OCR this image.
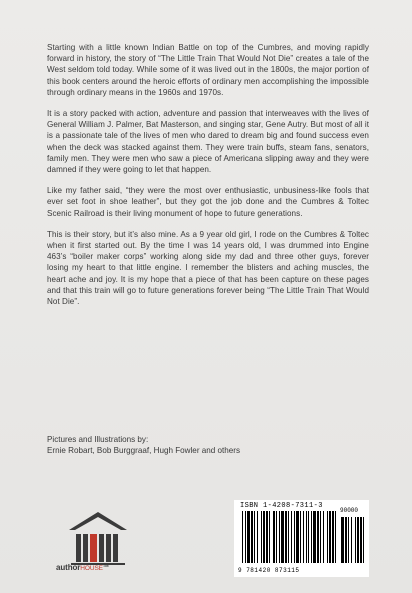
Starting with a little known Indian Battle on top of the Cumbres, and moving rapidly forward in history, the story of “The Little Train That Would Not Die” creates a tale of the West seldom told today. While some of it was lived out in the 1800s, the major portion of this book centers around the heroic efforts of ordinary men accomplishing the impossible through ordinary means in the 1960s and 1970s.

It is a story packed with action, adventure and passion that interweaves with the lives of General William J. Palmer, Bat Masterson, and singing star, Gene Autry. But most of all it is a passionate tale of the lives of men who dared to dream big and found success even when the deck was stacked against them. They were train buffs, steam fans, senators, family men. They were men who saw a piece of Americana slipping away and they were damned if they were going to let that happen.

Like my father said, “they were the most over enthusiastic, unbusiness-like fools that ever set foot in shoe leather”, but they got the job done and the Cumbres & Toltec Scenic Railroad is their living monument of hope to future generations.

This is their story, but it’s also mine. As a 9 year old girl, I rode on the Cumbres & Toltec when it first started out. By the time I was 14 years old, I was drummed into Engine 463’s “boiler maker corps” working along side my dad and three other guys, forever losing my heart to that little engine. I remember the blisters and aching muscles, the heart ache and joy. It is my hope that a piece of that has been capture on these pages and that this train will go to future generations forever being “The Little Train That Would Not Die”.

Pictures and Illustrations by:
Ernie Robart, Bob Burggraaf, Hugh Fowler and others
authorHOUSE™
ISBN 1-4208-7311-3
90000
9 781420 873115
